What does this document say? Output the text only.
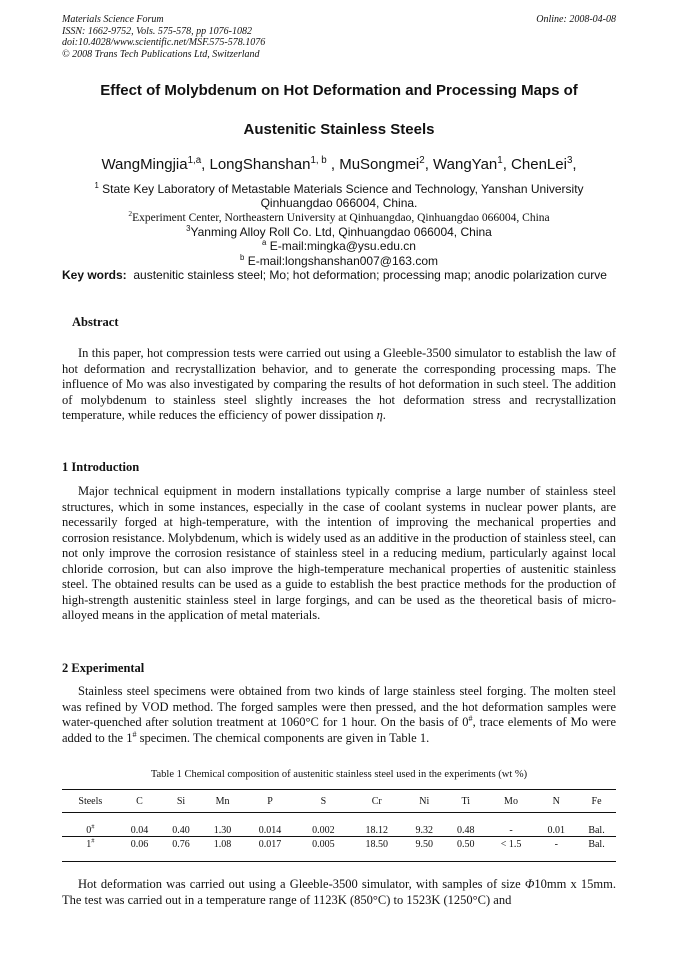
Materials Science Forum
ISSN: 1662-9752, Vols. 575-578, pp 1076-1082
doi:10.4028/www.scientific.net/MSF.575-578.1076
© 2008 Trans Tech Publications Ltd, Switzerland
Online: 2008-04-08
Effect of Molybdenum on Hot Deformation and Processing Maps of
Austenitic Stainless Steels
WangMingjia$^{1,a}$, LongShanshan$^{1, b}$ , MuSongmei$^2$, WangYan$^1$, ChenLei$^3$,
$^1$ State Key Laboratory of Metastable Materials Science and Technology, Yanshan University
Qinhuangdao 066004, China.
$^2$Experiment Center, Northeastern University at Qinhuangdao, Qinhuangdao 066004, China
$^3$Yanming Alloy Roll Co. Ltd, Qinhuangdao 066004, China
$^a$ E-mail:mingka@ysu.edu.cn
$^b$ E-mail:longshanshan007@163.com
Key words: austenitic stainless steel; Mo; hot deformation; processing map; anodic polarization curve
Abstract
In this paper, hot compression tests were carried out using a Gleeble-3500 simulator to establish the law of hot deformation and recrystallization behavior, and to generate the corresponding processing maps. The influence of Mo was also investigated by comparing the results of hot deformation in such steel. The addition of molybdenum to stainless steel slightly increases the hot deformation stress and recrystallization temperature, while reduces the efficiency of power dissipation η.
1 Introduction
Major technical equipment in modern installations typically comprise a large number of stainless steel structures, which in some instances, especially in the case of coolant systems in nuclear power plants, are necessarily forged at high-temperature, with the intention of improving the mechanical properties and corrosion resistance. Molybdenum, which is widely used as an additive in the production of stainless steel, can not only improve the corrosion resistance of stainless steel in a reducing medium, particularly against local chloride corrosion, but can also improve the high-temperature mechanical properties of austenitic stainless steel. The obtained results can be used as a guide to establish the best practice methods for the production of high-strength austenitic stainless steel in large forgings, and can be used as the theoretical basis of micro-alloyed means in the application of metal materials.
2 Experimental
Stainless steel specimens were obtained from two kinds of large stainless steel forging. The molten steel was refined by VOD method. The forged samples were then pressed, and the hot deformation samples were water-quenched after solution treatment at 1060°C for 1 hour. On the basis of 0#, trace elements of Mo were added to the 1# specimen. The chemical components are given in Table 1.
Table 1 Chemical composition of austenitic stainless steel used in the experiments (wt %)
Steels	C	Si	Mn	P	S	Cr	Ni	Ti	Mo	N	Fe
0#	0.04	0.40	1.30	0.014	0.002	18.12	9.32	0.48	-	0.01	Bal.
1#	0.06	0.76	1.08	0.017	0.005	18.50	9.50	0.50	< 1.5	-	Bal.
Hot deformation was carried out using a Gleeble-3500 simulator, with samples of size Φ10mm x 15mm. The test was carried out in a temperature range of 1123K (850°C) to 1523K (1250°C) and
